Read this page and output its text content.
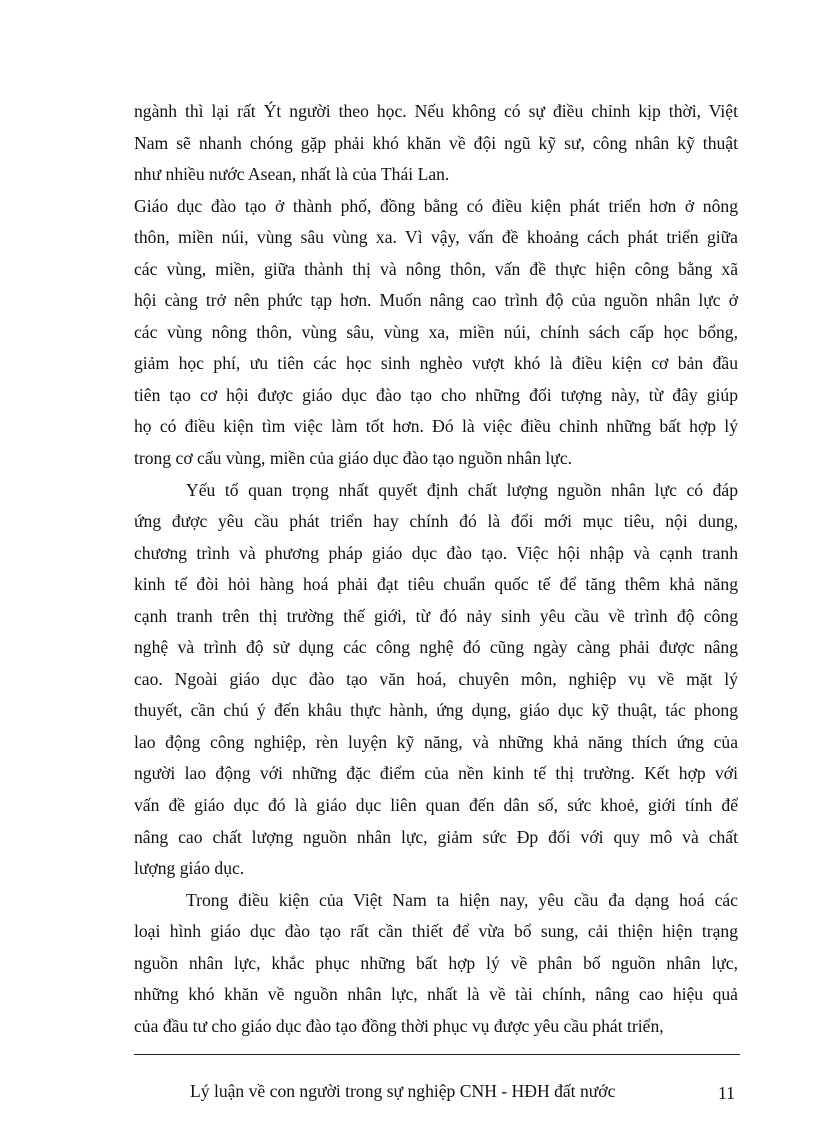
ngành thì lại rất Ýt người theo học. Nếu không có sự điều chỉnh kịp thời, Việt
Nam sẽ nhanh chóng gặp phải khó khăn về đội ngũ kỹ sư, công nhân kỹ thuật
như nhiều nước Asean, nhất là của Thái Lan.
Giáo dục đào tạo ở thành phố, đồng bằng có điều kiện phát triển hơn ở nông
thôn, miền núi, vùng sâu vùng xa. Vì vậy, vấn đề khoảng cách phát triển giữa
các vùng, miền, giữa thành thị và nông thôn, vấn đề thực hiện công bằng xã
hội càng trở nên phức tạp hơn. Muốn nâng cao trình độ của nguồn nhân lực ở
các vùng nông thôn, vùng sâu, vùng xa, miền núi, chính sách cấp học bổng,
giảm học phí, ưu tiên các học sinh nghèo vượt khó là điều kiện cơ bản đầu
tiên tạo cơ hội được giáo dục đào tạo cho những đối tượng này, từ đây giúp
họ có điều kiện tìm việc làm tốt hơn. Đó là việc điều chỉnh những bất hợp lý
trong cơ cấu vùng, miền của giáo dục đào tạo nguồn nhân lực.
Yếu tố quan trọng nhất quyết định chất lượng nguồn nhân lực có đáp
ứng được yêu cầu phát triển hay chính đó là đổi mới mục tiêu, nội dung,
chương trình và phương pháp giáo dục đào tạo. Việc hội nhập và cạnh tranh
kinh tế đòi hỏi hàng hoá phải đạt tiêu chuẩn quốc tế để tăng thêm khả năng
cạnh tranh trên thị trường thế giới, từ đó nảy sinh yêu cầu về trình độ công
nghệ và trình độ sử dụng các công nghệ đó cũng ngày càng phải được nâng
cao. Ngoài giáo dục đào tạo văn hoá, chuyên môn, nghiệp vụ về mặt lý
thuyết, cần chú ý đến khâu thực hành, ứng dụng, giáo dục kỹ thuật, tác phong
lao động công nghiệp, rèn luyện kỹ năng, và những khả năng thích ứng của
người lao động với những đặc điểm của nền kinh tế thị trường. Kết hợp với
vấn đề giáo dục đó là giáo dục liên quan đến dân số, sức khoẻ, giới tính để
nâng cao chất lượng nguồn nhân lực, giảm sức Ðp đối với quy mô và chất
lượng giáo dục.
Trong điều kiện của Việt Nam ta hiện nay, yêu cầu đa dạng hoá các
loại hình giáo dục đào tạo rất cần thiết để vừa bổ sung, cải thiện hiện trạng
nguồn nhân lực, khắc phục những bất hợp lý về phân bố nguồn nhân lực,
những khó khăn về nguồn nhân lực, nhất là về tài chính, nâng cao hiệu quả
của đầu tư cho giáo dục đào tạo đồng thời phục vụ được yêu cầu phát triển,
Lý luận về con người trong sự nghiệp CNH - HĐH đất nước	11
